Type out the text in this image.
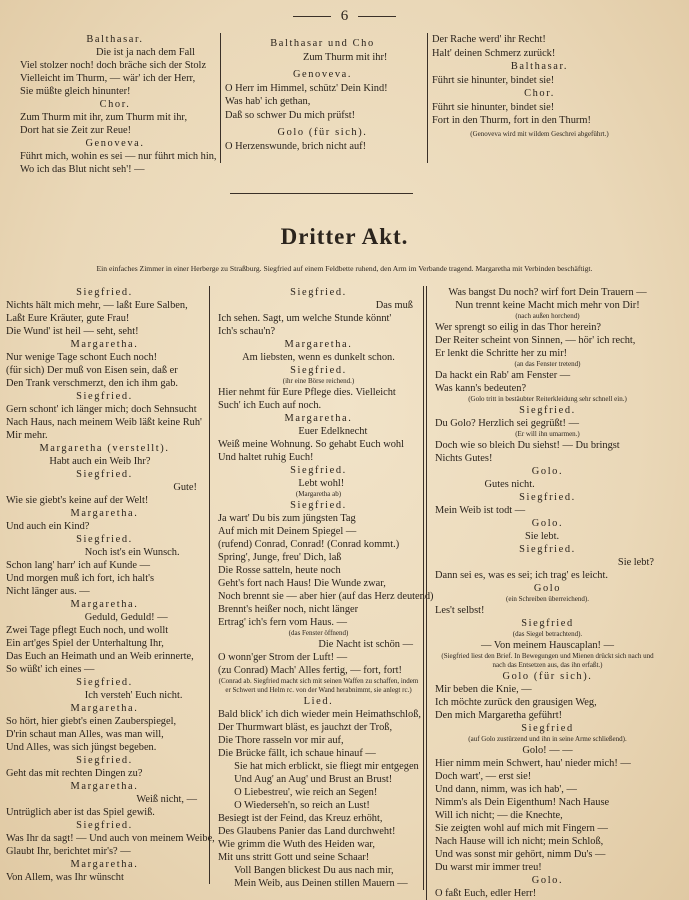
6
Balthasar.
Die ist ja nach dem Fall
Viel stolzer noch! doch bräche sich der Stolz
Vielleicht im Thurm, — wär' ich der Herr,
Sie müßte gleich hinunter!
Chor.
Zum Thurm mit ihr, zum Thurm mit ihr,
Dort hat sie Zeit zur Reue!
Genoveva.
Führt mich, wohin es sei — nur führt mich hin,
Wo ich das Blut nicht seh'! —
Balthasar und Cho
Zum Thurm mit ihr!
Genoveva.
O Herr im Himmel, schütz' Dein Kind!
Was hab' ich gethan,
Daß so schwer Du mich prüfst!
Golo (für sich).
O Herzenswunde, brich nicht auf!
Der Rache werd' ihr Recht!
Halt' deinen Schmerz zurück!
Balthasar.
Führt sie hinunter, bindet sie!
Chor.
Führt sie hinunter, bindet sie!
Fort in den Thurm, fort in den Thurm!
(Genoveva wird mit wildem Geschrei abgeführt.)
Dritter Akt.
Ein einfaches Zimmer in einer Herberge zu Straßburg. Siegfried auf einem Feldbette ruhend, den Arm im Verbande tragend. Margaretha mit Verbinden beschäftigt.
Siegfried.
Nichts hält mich mehr, — laßt Eure Salben,
Laßt Eure Kräuter, gute Frau!
Die Wund' ist heil — seht, seht!
Margaretha.
Nur wenige Tage schont Euch noch!
(für sich) Der muß von Eisen sein, daß er
Den Trank verschmerzt, den ich ihm gab.
Siegfried.
Gern schont' ich länger mich; doch Sehnsucht
Nach Haus, nach meinem Weib läßt keine Ruh'
Mir mehr.
Margaretha (verstellt).
Habt auch ein Weib Ihr?
Siegfried.
Gute!
Wie sie giebt's keine auf der Welt!
Margaretha.
Und auch ein Kind?
Siegfried.
Noch ist's ein Wunsch.
Schon lang' harr' ich auf Kunde —
Und morgen muß ich fort, ich halt's
Nicht länger aus. —
Margaretha.
Geduld, Geduld! —
Zwei Tage pflegt Euch noch, und wollt
Ein art'ges Spiel der Unterhaltung Ihr,
Das Euch an Heimath und an Weib erinnerte,
So wüßt' ich eines —
Siegfried.
Ich versteh' Euch nicht.
Margaretha.
So hört, hier giebt's einen Zauberspiegel,
D'rin schaut man Alles, was man will,
Und Alles, was sich jüngst begeben.
Siegfried.
Geht das mit rechten Dingen zu?
Margaretha.
Weiß nicht, —
Untrüglich aber ist das Spiel gewiß.
Siegfried.
Was Ihr da sagt! — Und auch von meinem Weibe,
Glaubt Ihr, berichtet mir's? —
Margaretha.
Von Allem, was Ihr wünscht
Siegfried.
Das muß
Ich sehen. Sagt, um welche Stunde könnt'
Ich's schau'n?
Margaretha.
Am liebsten, wenn es dunkelt schon.
Siegfried.
(ihr eine Börse reichend.)
Hier nehmt für Eure Pflege dies. Vielleicht
Such' ich Euch auf noch.
Margaretha.
Euer Edelknecht
Weiß meine Wohnung. So gehabt Euch wohl
Und haltet ruhig Euch!
Siegfried.
Lebt wohl!
(Margaretha ab)
Siegfried.
Ja wart' Du bis zum jüngsten Tag
Auf mich mit Deinem Spiegel —
(rufend) Conrad, Conrad! (Conrad kommt.)
Spring', Junge, freu' Dich, laß
Die Rosse satteln, heute noch
Geht's fort nach Haus! Die Wunde zwar,
Noch brennt sie — aber hier (auf das Herz deutend)
Brennt's heißer noch, nicht länger
Ertrag' ich's fern vom Haus. —
(das Fenster öffnend)
Die Nacht ist schön —
O wonn'ger Strom der Luft! —
(zu Conrad) Mach' Alles fertig, — fort, fort!
(Conrad ab. Siegfried macht sich mit seinen Waffen zu schaffen, indem er Schwert und Helm rc. von der Wand herabnimmt, sie anlegt rc.)
Lied.
Bald blick' ich dich wieder mein Heimathschloß,
Der Thurmwart bläst, es jauchzt der Troß,
Die Thore rasseln vor mir auf,
Die Brücke fällt, ich schaue hinauf —
Sie hat mich erblickt, sie fliegt mir entgegen
Und Aug' an Aug' und Brust an Brust!
O Liebestreu', wie reich an Segen!
O Wiederseh'n, so reich an Lust!
Besiegt ist der Feind, das Kreuz erhöht,
Des Glaubens Panier das Land durchweht!
Wie grimm die Wuth des Heiden war,
Mit uns stritt Gott und seine Schaar!
Voll Bangen blickest Du aus nach mir,
Mein Weib, aus Deinen stillen Mauern —
Was bangst Du noch? wirf fort Dein Trauern —
Nun trennt keine Macht mich mehr von Dir!
(nach außen horchend)
Wer sprengt so eilig in das Thor herein?
Der Reiter scheint von Sinnen, — hör' ich recht,
Er lenkt die Schritte her zu mir!
(an das Fenster tretend)
Da hackt ein Rab' am Fenster —
Was kann's bedeuten?
(Golo tritt in bestäubter Reiterkleidung sehr schnell ein.)
Siegfried.
Du Golo? Herzlich sei gegrüßt! —
(Er will ihn umarmen.)
Doch wie so bleich Du siehst! — Du bringst
Nichts Gutes!
Golo.
Gutes nicht.
Siegfried.
Mein Weib ist todt —
Golo.
Sie lebt.
Siegfried.
Sie lebt?
Dann sei es, was es sei; ich trag' es leicht.
Golo
(ein Schreiben überreichend).
Les't selbst!
Siegfried
(das Siegel betrachtend).
— Von meinem Hauscaplan! —
(Siegfried liest den Brief. In Bewegungen und Mienen drückt sich nach und nach das Entsetzen aus, das ihn erfaßt.)
Golo (für sich).
Mir beben die Knie, —
Ich möchte zurück den grausigen Weg,
Den mich Margaretha geführt!
Siegfried
(auf Golo zustürzend und ihn in seine Arme schließend).
Golo! — —
Hier nimm mein Schwert, hau' nieder mich! —
Doch wart', — erst sie!
Und dann, nimm, was ich hab', —
Nimm's als Dein Eigenthum! Nach Hause
Will ich nicht; — die Knechte,
Sie zeigten wohl auf mich mit Fingern —
Nach Hause will ich nicht; mein Schloß,
Und was sonst mir gehört, nimm Du's —
Du warst mir immer treu!
Golo.
O faßt Euch, edler Herr!
